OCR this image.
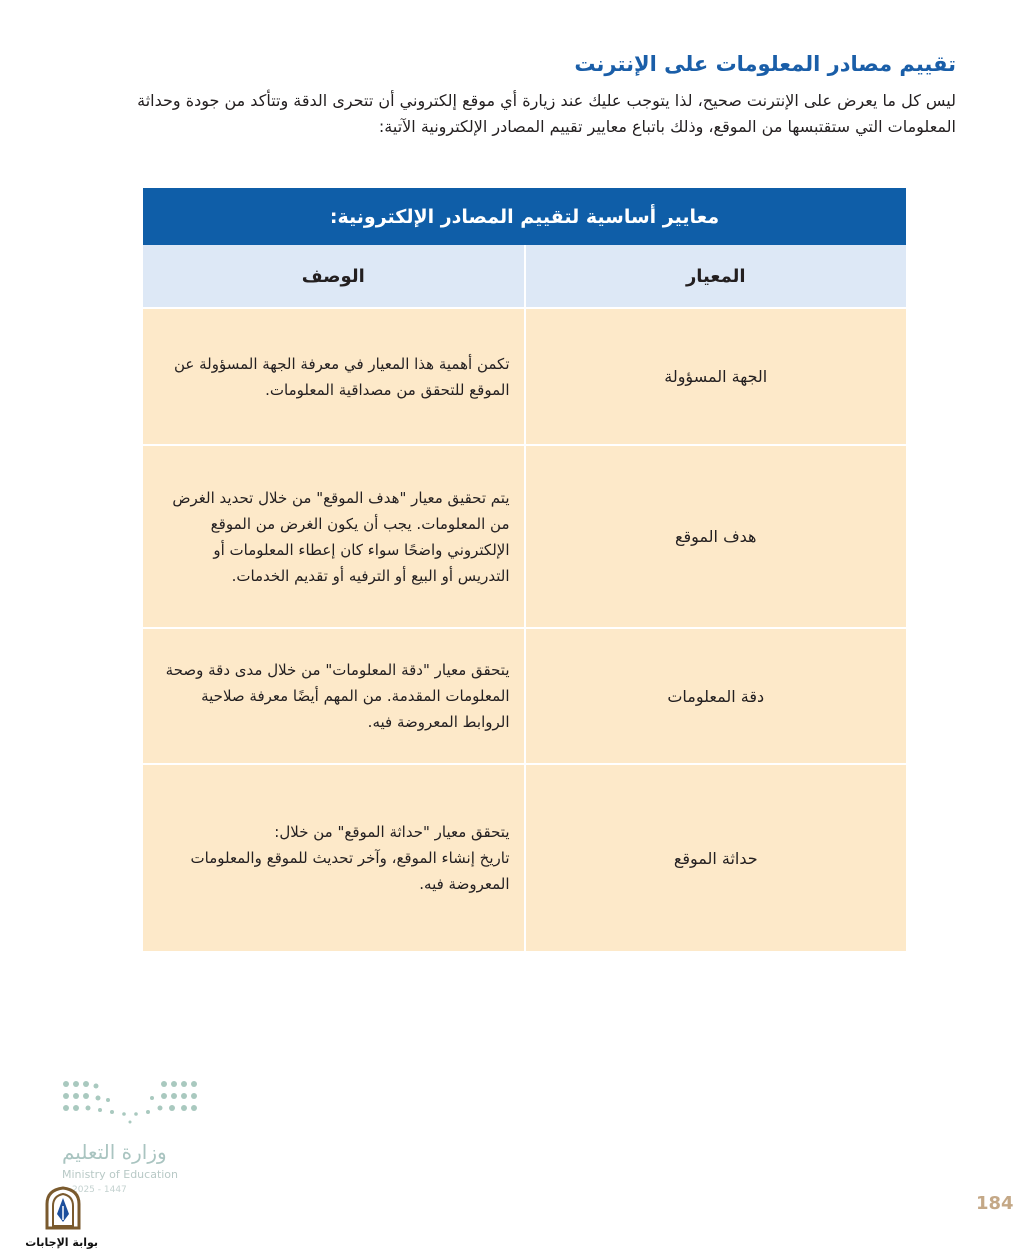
تقييم مصادر المعلومات على الإنترنت

ليس كل ما يعرض على الإنترنت صحيح، لذا يتوجب عليك عند زيارة أي موقع إلكتروني أن تتحرى الدقة وتتأكد من جودة وحداثة
المعلومات التي ستقتبسها من الموقع، وذلك باتباع معايير تقييم المصادر الإلكترونية الآتية:

معايير أساسية لتقييم المصادر الإلكترونية:	
المعيار	الوصف
الجهة المسؤولة	تكمن أهمية هذا المعيار في معرفة الجهة المسؤولة عن الموقع للتحقق من مصداقية المعلومات.
هدف الموقع	يتم تحقيق معيار "هدف الموقع" من خلال تحديد الغرض من المعلومات. يجب أن يكون الغرض من الموقع الإلكتروني واضحًا سواء كان إعطاء المعلومات أو التدريس أو البيع أو الترفيه أو تقديم الخدمات.
دقة المعلومات	يتحقق معيار "دقة المعلومات" من خلال مدى دقة وصحة المعلومات المقدمة. من المهم أيضًا معرفة صلاحية الروابط المعروضة فيه.
حداثة الموقع	يتحقق معيار "حداثة الموقع" من خلال:
تاريخ إنشاء الموقع، وآخر تحديث للموقع والمعلومات المعروضة فيه.
وزارة التعليم
Ministry of Education
2025 - 1447
بوابة الإجابات
184
